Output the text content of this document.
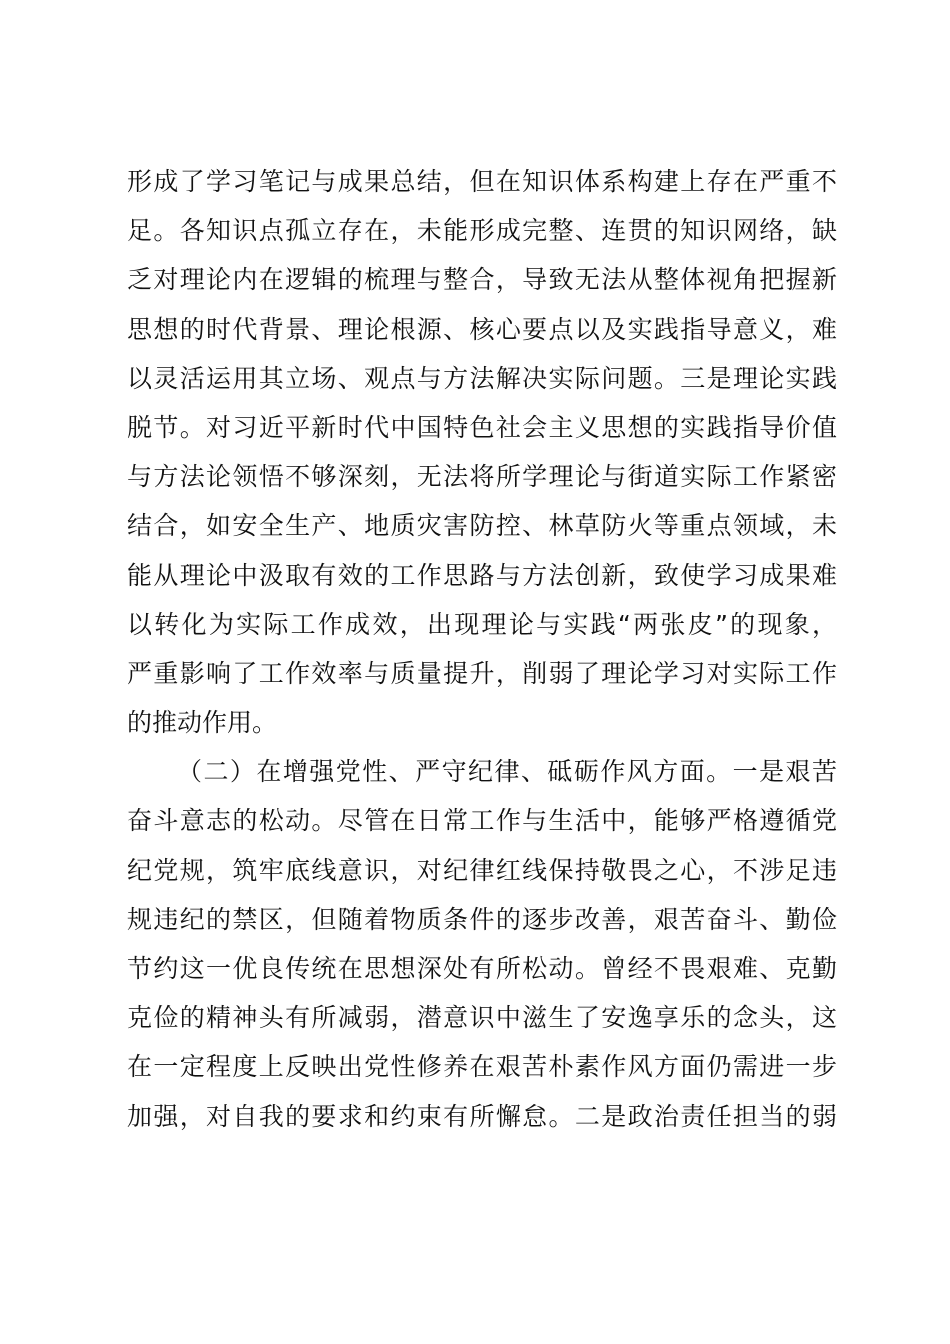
形成了学习笔记与成果总结，但在知识体系构建上存在严重不
足。各知识点孤立存在，未能形成完整、连贯的知识网络，缺
乏对理论内在逻辑的梳理与整合，导致无法从整体视角把握新
思想的时代背景、理论根源、核心要点以及实践指导意义，难
以灵活运用其立场、观点与方法解决实际问题。三是理论实践
脱节。对习近平新时代中国特色社会主义思想的实践指导价值
与方法论领悟不够深刻，无法将所学理论与街道实际工作紧密
结合，如安全生产、地质灾害防控、林草防火等重点领域，未
能从理论中汲取有效的工作思路与方法创新，致使学习成果难
以转化为实际工作成效，出现理论与实践“两张皮”的现象，
严重影响了工作效率与质量提升，削弱了理论学习对实际工作
的推动作用。

（二）在增强党性、严守纪律、砥砺作风方面。一是艰苦
奋斗意志的松动。尽管在日常工作与生活中，能够严格遵循党
纪党规，筑牢底线意识，对纪律红线保持敬畏之心，不涉足违
规违纪的禁区，但随着物质条件的逐步改善，艰苦奋斗、勤俭
节约这一优良传统在思想深处有所松动。曾经不畏艰难、克勤
克俭的精神头有所减弱，潜意识中滋生了安逸享乐的念头，这
在一定程度上反映出党性修养在艰苦朴素作风方面仍需进一步
加强，对自我的要求和约束有所懈怠。二是政治责任担当的弱
